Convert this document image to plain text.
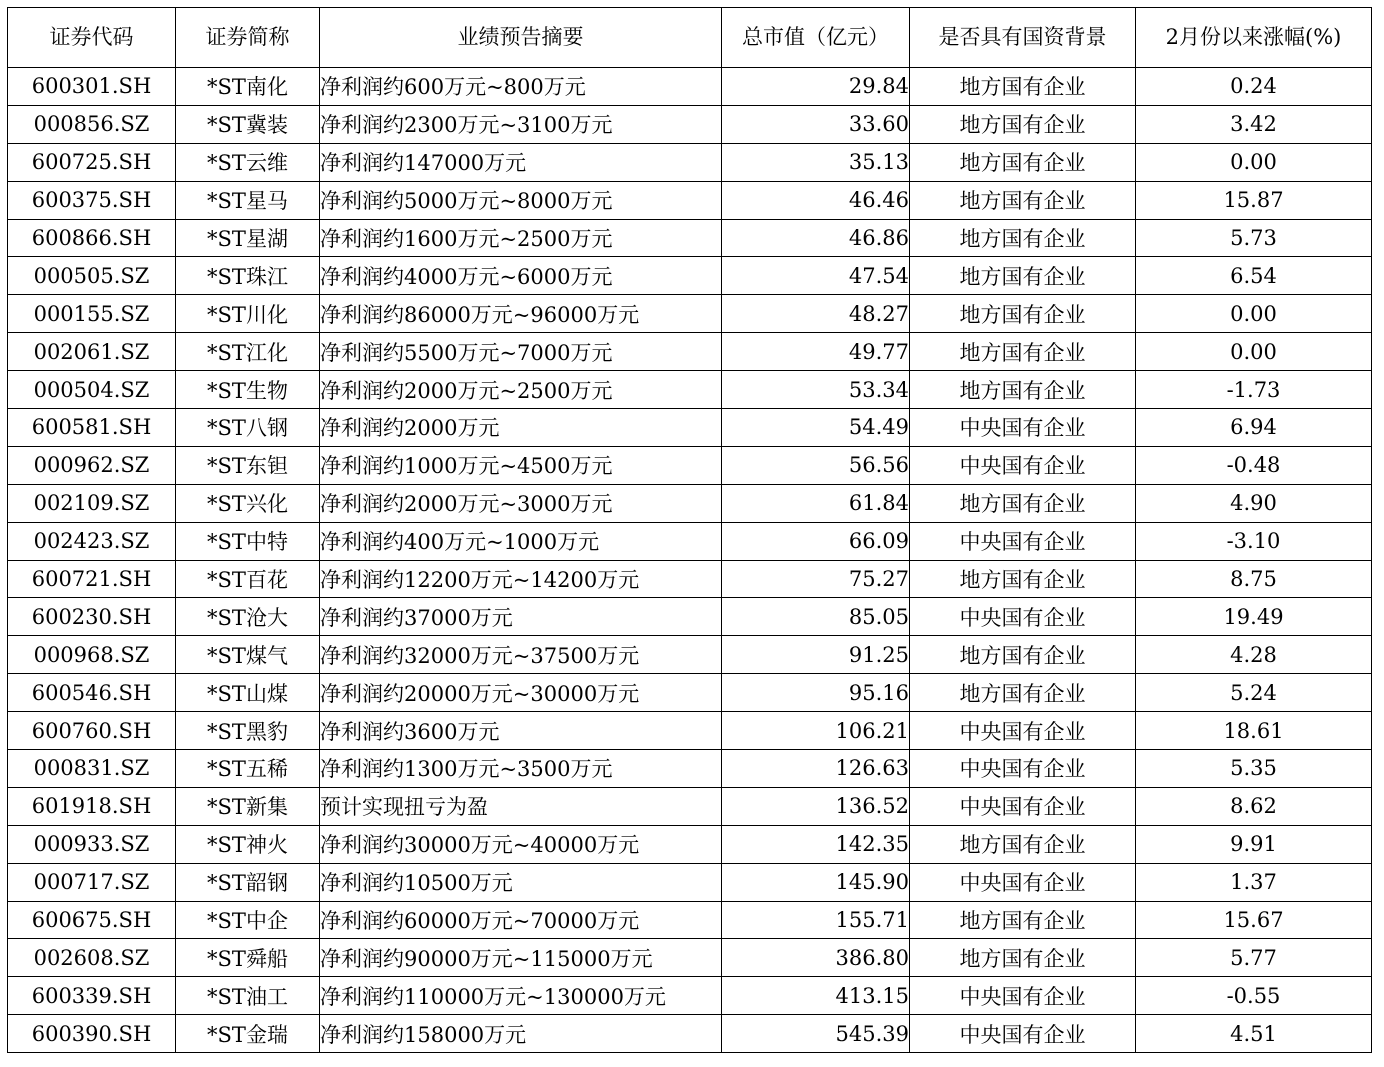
证券代码	证券简称	业绩预告摘要	总市值（亿元）	是否具有国资背景	2月份以来涨幅(%)
600301.SH	*ST南化	净利润约600万元~800万元	29.84	地方国有企业	0.24
000856.SZ	*ST冀装	净利润约2300万元~3100万元	33.60	地方国有企业	3.42
600725.SH	*ST云维	净利润约147000万元	35.13	地方国有企业	0.00
600375.SH	*ST星马	净利润约5000万元~8000万元	46.46	地方国有企业	15.87
600866.SH	*ST星湖	净利润约1600万元~2500万元	46.86	地方国有企业	5.73
000505.SZ	*ST珠江	净利润约4000万元~6000万元	47.54	地方国有企业	6.54
000155.SZ	*ST川化	净利润约86000万元~96000万元	48.27	地方国有企业	0.00
002061.SZ	*ST江化	净利润约5500万元~7000万元	49.77	地方国有企业	0.00
000504.SZ	*ST生物	净利润约2000万元~2500万元	53.34	地方国有企业	-1.73
600581.SH	*ST八钢	净利润约2000万元	54.49	中央国有企业	6.94
000962.SZ	*ST东钽	净利润约1000万元~4500万元	56.56	中央国有企业	-0.48
002109.SZ	*ST兴化	净利润约2000万元~3000万元	61.84	地方国有企业	4.90
002423.SZ	*ST中特	净利润约400万元~1000万元	66.09	中央国有企业	-3.10
600721.SH	*ST百花	净利润约12200万元~14200万元	75.27	地方国有企业	8.75
600230.SH	*ST沧大	净利润约37000万元	85.05	中央国有企业	19.49
000968.SZ	*ST煤气	净利润约32000万元~37500万元	91.25	地方国有企业	4.28
600546.SH	*ST山煤	净利润约20000万元~30000万元	95.16	地方国有企业	5.24
600760.SH	*ST黑豹	净利润约3600万元	106.21	中央国有企业	18.61
000831.SZ	*ST五稀	净利润约1300万元~3500万元	126.63	中央国有企业	5.35
601918.SH	*ST新集	预计实现扭亏为盈	136.52	中央国有企业	8.62
000933.SZ	*ST神火	净利润约30000万元~40000万元	142.35	地方国有企业	9.91
000717.SZ	*ST韶钢	净利润约10500万元	145.90	中央国有企业	1.37
600675.SH	*ST中企	净利润约60000万元~70000万元	155.71	地方国有企业	15.67
002608.SZ	*ST舜船	净利润约90000万元~115000万元	386.80	地方国有企业	5.77
600339.SH	*ST油工	净利润约110000万元~130000万元	413.15	中央国有企业	-0.55
600390.SH	*ST金瑞	净利润约158000万元	545.39	中央国有企业	4.51
